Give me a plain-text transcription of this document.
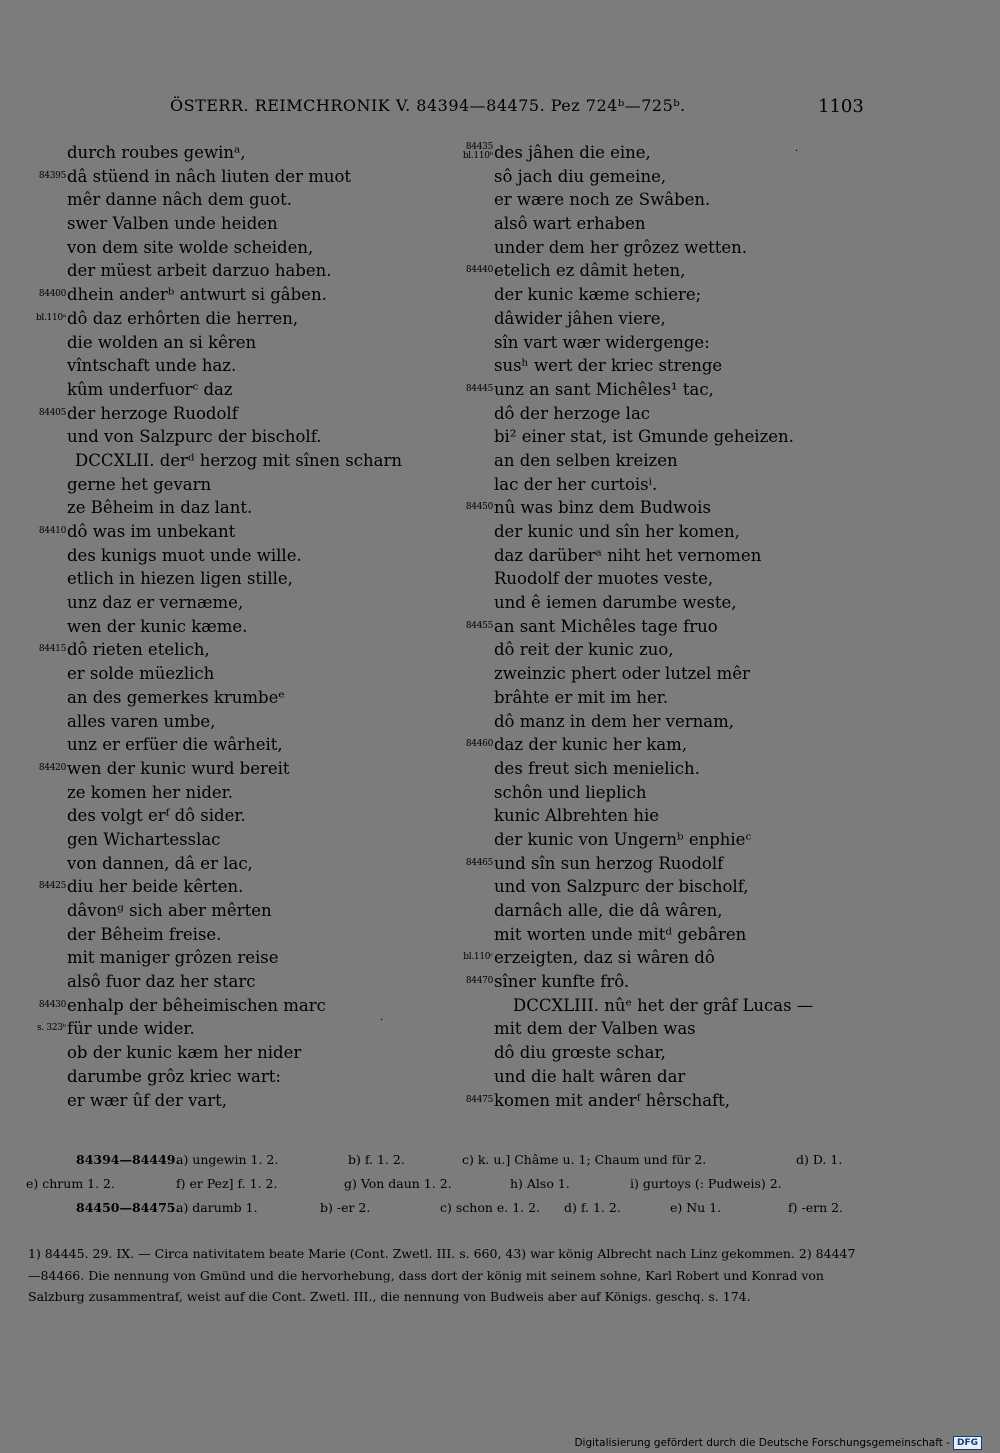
ÖSTERR. REIMCHRONIK V. 84394—84475. Pez 724ᵇ—725ᵇ.	1103
durch roubes gewinᵃ,
84395 dâ stüend in nâch liuten der muot
mêr danne nâch dem guot.
swer Valben unde heiden
von dem site wolde scheiden,
der müest arbeit darzuo haben.
84400 dhein anderᵇ antwurt si gâben.
bl.110ᵃ dô daz erhôrten die herren,
die wolden an si kêren
vîntschaft unde haz.
kûm underfuorᶜ daz
84405 der herzoge Ruodolf
und von Salzpurc der bischolf.
DCCXLII. derᵈ herzog mit sînen scharn
gerne het gevarn
ze Bêheim in daz lant.
84410 dô was im unbekant
des kunigs muot unde wille.
etlich in hiezen ligen stille,
unz daz er vernæme,
wen der kunic kæme.
84415 dô rieten etelich,
er solde müezlich
an des gemerkes krumbeᵉ
alles varen umbe,
unz er erfüer die wârheit,
84420 wen der kunic wurd bereit
ze komen her nider.
des volgt erᶠ dô sider.
gen Wichartesslac
von dannen, dâ er lac,
84425 diu her beide kêrten.
dâvonᵍ sich aber mêrten
der Bêheim freise.
mit maniger grôzen reise
alsô fuor daz her starc
84430 enhalp der bêheimischen marc
s. 323ᵇ für unde wider.
ob der kunic kæm her nider
darumbe grôz kriec wart:
er wær ûf der vart,
84435
bl.110ᵇ des jâhen die eine,
sô jach diu gemeine,
er wære noch ze Swâben.
alsô wart erhaben
under dem her grôzez wetten.
84440 etelich ez dâmit heten,
der kunic kæme schiere;
dâwider jâhen viere,
sîn vart wær widergenge:
susʰ wert der kriec strenge
84445 unz an sant Michêles¹ tac,
dô der herzoge lac
bi² einer stat, ist Gmunde geheizen.
an den selben kreizen
lac der her curtoisⁱ.
84450 nû was binz dem Budwois
der kunic und sîn her komen,
daz darüberᵃ niht het vernomen
Ruodolf der muotes veste,
und ê iemen darumbe weste,
84455 an sant Michêles tage fruo
dô reit der kunic zuo,
zweinzic phert oder lutzel mêr
brâhte er mit im her.
dô manz in dem her vernam,
84460 daz der kunic her kam,
des freut sich menielich.
schôn und lieplich
kunic Albrehten hie
der kunic von Ungernᵇ enphieᶜ
84465 und sîn sun herzog Ruodolf
und von Salzpurc der bischolf,
darnâch alle, die dâ wâren,
mit worten unde mitᵈ gebâren
bl.110ᶜ erzeigten, daz si wâren dô
84470 sîner kunfte frô.
DCCXLIII. nûᵉ het der grâf Lucas —
mit dem der Valben was
dô diu grœste schar,
und die halt wâren dar
84475 komen mit anderᶠ hêrschaft,
·
·
84394—84449.
a) ungewin 1. 2.	b) f. 1. 2.	c) k. u.] Châme u. 1; Chaum und für 2.	d) D. 1.
e) chrum 1. 2.	f) er Pez] f. 1. 2.	g) Von daun 1. 2.	h) Also 1.	i) gurtoys (: Pudweis) 2.
84450—84475.
a) darumb 1.	b) -er 2.	c) schon e. 1. 2. d) f. 1. 2.	e) Nu 1.	f) -ern 2.

1) 84445. 29. IX. — Circa nativitatem beate Marie (Cont. Zwetl. III. s. 660, 43) war könig Albrecht nach Linz gekommen. 2) 84447—84466. Die nennung von Gmünd und die hervorhebung, dass dort der könig mit seinem sohne, Karl Robert und Konrad von Salzburg zusammentraf, weist auf die Cont. Zwetl. III., die nennung von Budweis aber auf Königs. geschq. s. 174.

Digitalisierung gefördert durch die Deutsche Forschungsgemeinschaft - DFG
